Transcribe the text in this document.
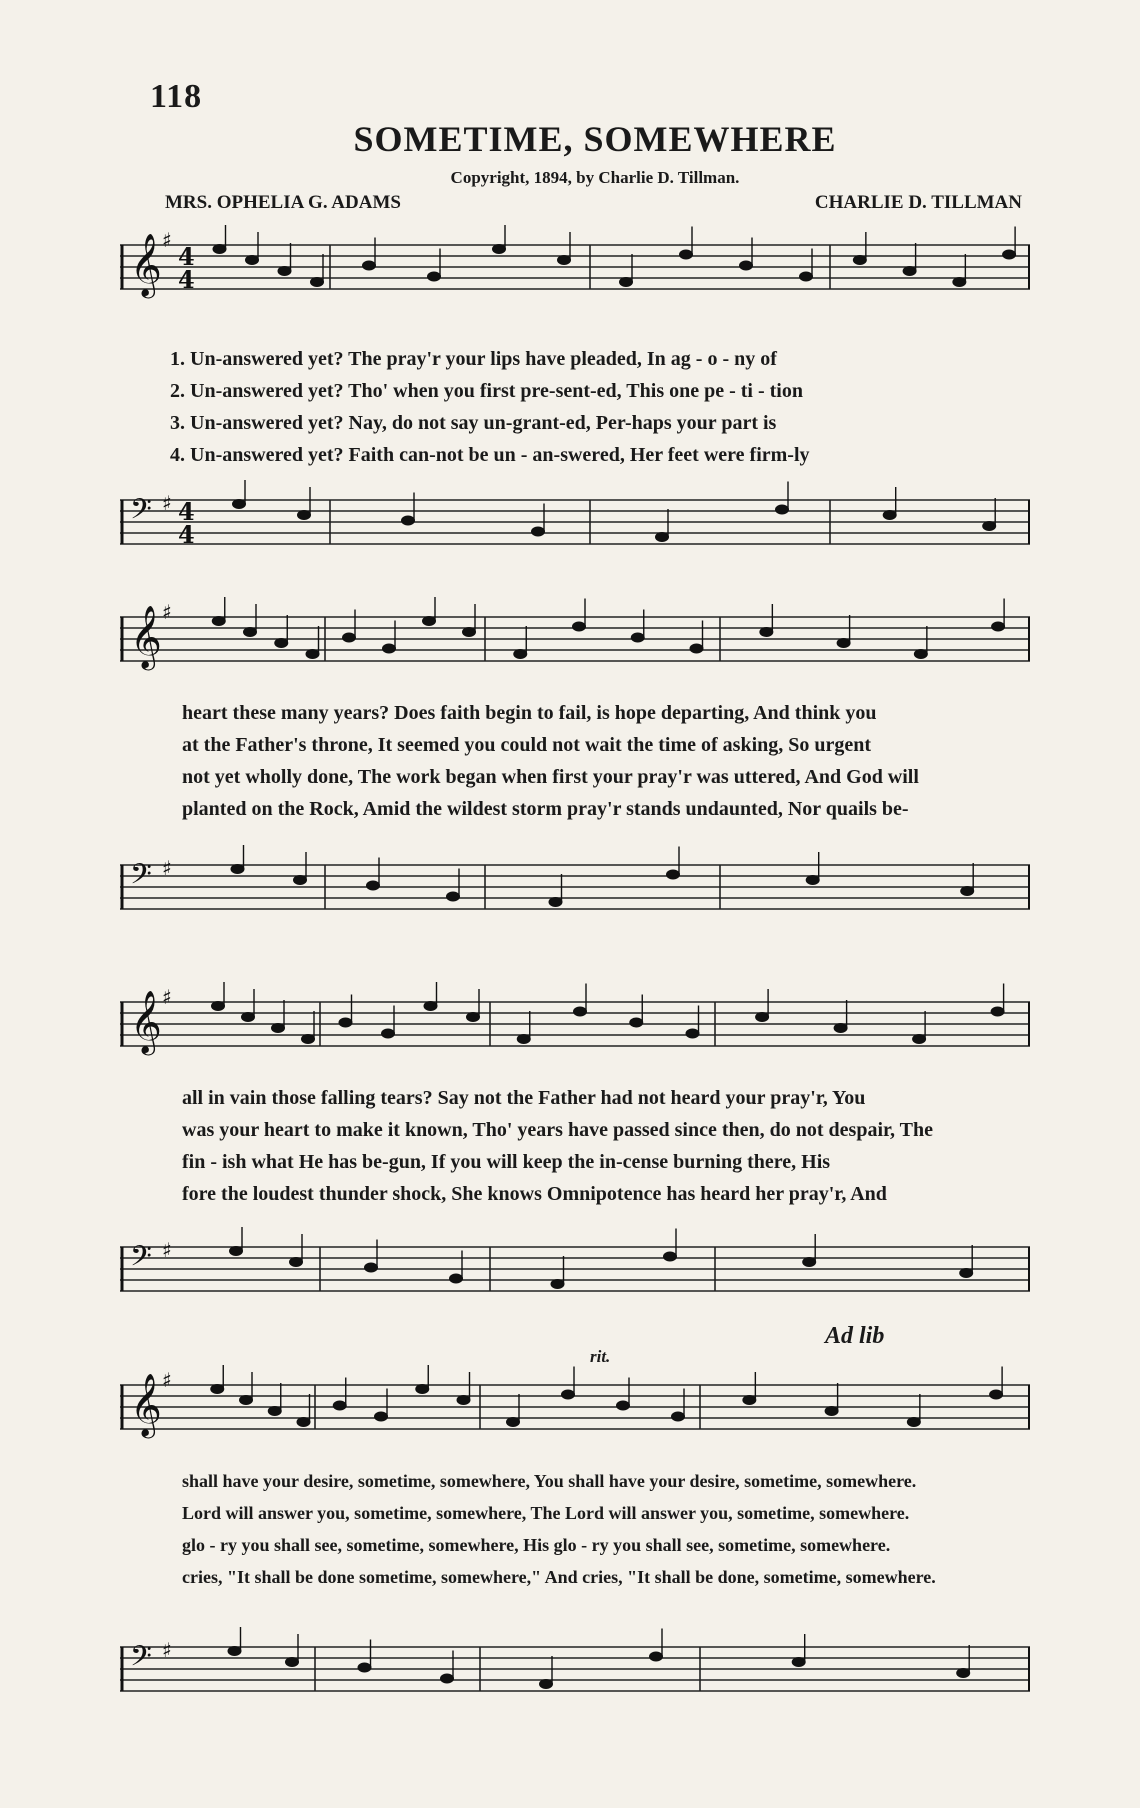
118
SOMETIME, SOMEWHERE
Copyright, 1894, by Charlie D. Tillman.
MRS. OPHELIA G. ADAMS	CHARLIE D. TILLMAN
𝄞 ♯
4
4
1. Un-answered yet? The pray'r your lips have pleaded, In ag - o - ny of
2. Un-answered yet? Tho' when you first pre-sent-ed, This one pe - ti - tion
3. Un-answered yet? Nay, do not say un-grant-ed, Per-haps your part is
4. Un-answered yet? Faith can-not be un - an-swered, Her feet were firm-ly
𝄢 ♯ 4
4
𝄞 ♯
heart these many years? Does faith begin to fail, is hope departing, And think you
at the Father's throne, It seemed you could not wait the time of asking, So urgent
not yet wholly done, The work began when first your pray'r was uttered, And God will
planted on the Rock, Amid the wildest storm pray'r stands undaunted, Nor quails be-
𝄢 ♯
𝄞 ♯
all in vain those falling tears? Say not the Father had not heard your pray'r, You
was your heart to make it known, Tho' years have passed since then, do not despair, The
fin - ish what He has be-gun, If you will keep the in-cense burning there, His
fore the loudest thunder shock, She knows Omnipotence has heard her pray'r, And
𝄢 ♯
rit.
Ad lib
𝄞 ♯
shall have your desire, sometime, somewhere, You shall have your desire, sometime, somewhere.
Lord will answer you, sometime, somewhere, The Lord will answer you, sometime, somewhere.
glo - ry you shall see, sometime, somewhere, His glo - ry you shall see, sometime, somewhere.
cries, "It shall be done sometime, somewhere," And cries, "It shall be done, sometime, somewhere.
𝄢 ♯
